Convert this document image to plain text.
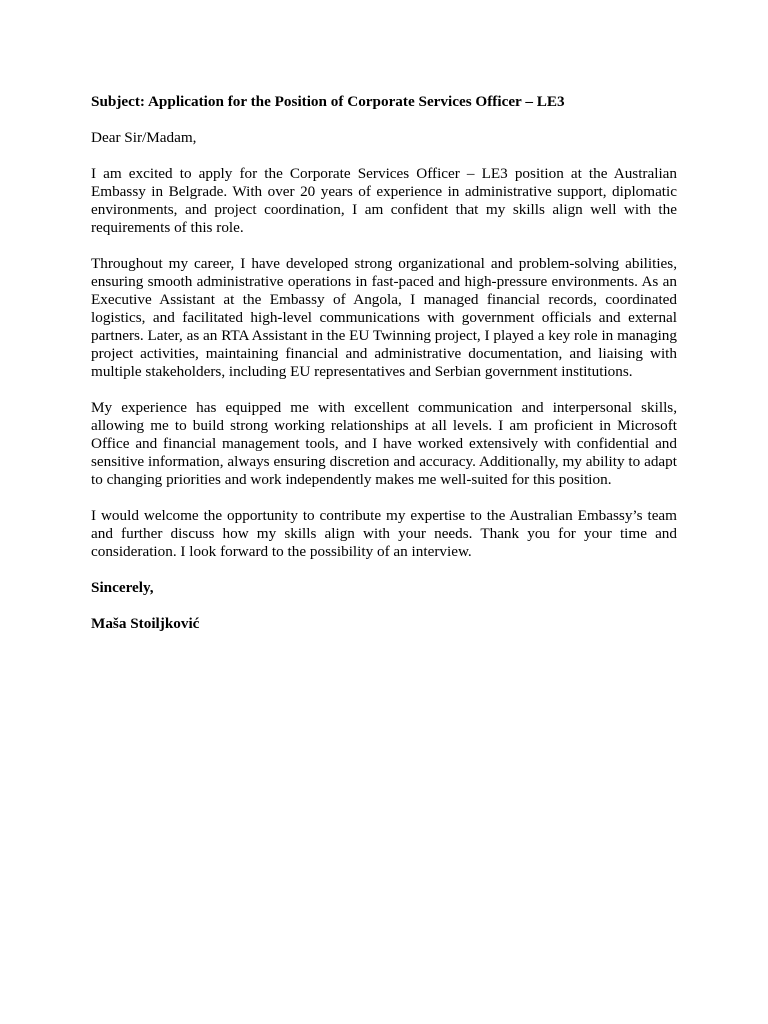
Subject: Application for the Position of Corporate Services Officer – LE3

Dear Sir/Madam,

I am excited to apply for the Corporate Services Officer – LE3 position at the Australian Embassy in Belgrade. With over 20 years of experience in administrative support, diplomatic environments, and project coordination, I am confident that my skills align well with the requirements of this role.

Throughout my career, I have developed strong organizational and problem-solving abilities, ensuring smooth administrative operations in fast-paced and high-pressure environments. As an Executive Assistant at the Embassy of Angola, I managed financial records, coordinated logistics, and facilitated high-level communications with government officials and external partners. Later, as an RTA Assistant in the EU Twinning project, I played a key role in managing project activities, maintaining financial and administrative documentation, and liaising with multiple stakeholders, including EU representatives and Serbian government institutions.

My experience has equipped me with excellent communication and interpersonal skills, allowing me to build strong working relationships at all levels. I am proficient in Microsoft Office and financial management tools, and I have worked extensively with confidential and sensitive information, always ensuring discretion and accuracy. Additionally, my ability to adapt to changing priorities and work independently makes me well-suited for this position.

I would welcome the opportunity to contribute my expertise to the Australian Embassy’s team and further discuss how my skills align with your needs. Thank you for your time and consideration. I look forward to the possibility of an interview.

Sincerely,

Maša Stoiljković
